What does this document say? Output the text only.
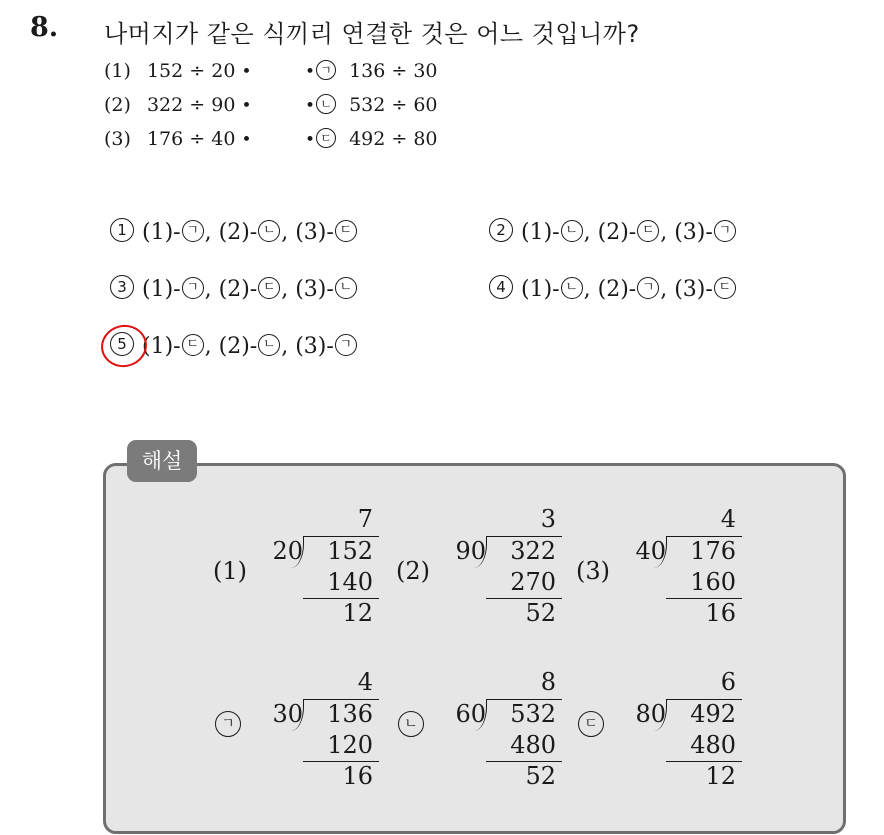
8. 나머지가 같은 식끼리 연결한 것은 어느 것입니까?
(1) 152 ÷ 20 •
(2) 322 ÷ 90 •
(3) 176 ÷ 40 •
• ㄱ 136 ÷ 30
• ㄴ 532 ÷ 60
• ㄷ 492 ÷ 80
1 (1)- ㄱ , (2)- ㄴ , (3)- ㄷ	2 (1)- ㄴ , (2)- ㄷ , (3)- ㄱ
3 (1)- ㄱ , (2)- ㄷ , (3)- ㄴ	4 (1)- ㄴ , (2)- ㄱ , (3)- ㄷ
5 (1)- ㄷ , (2)- ㄴ , (3)- ㄱ
해설
(1)
7
20	152
140
12
(2)
3
90	322
270
52
(3)
4
40	176
160
16
ㄱ
4
30	136
120
16
ㄴ
8
60	532
480
52
ㄷ
6
80	492
480
12
